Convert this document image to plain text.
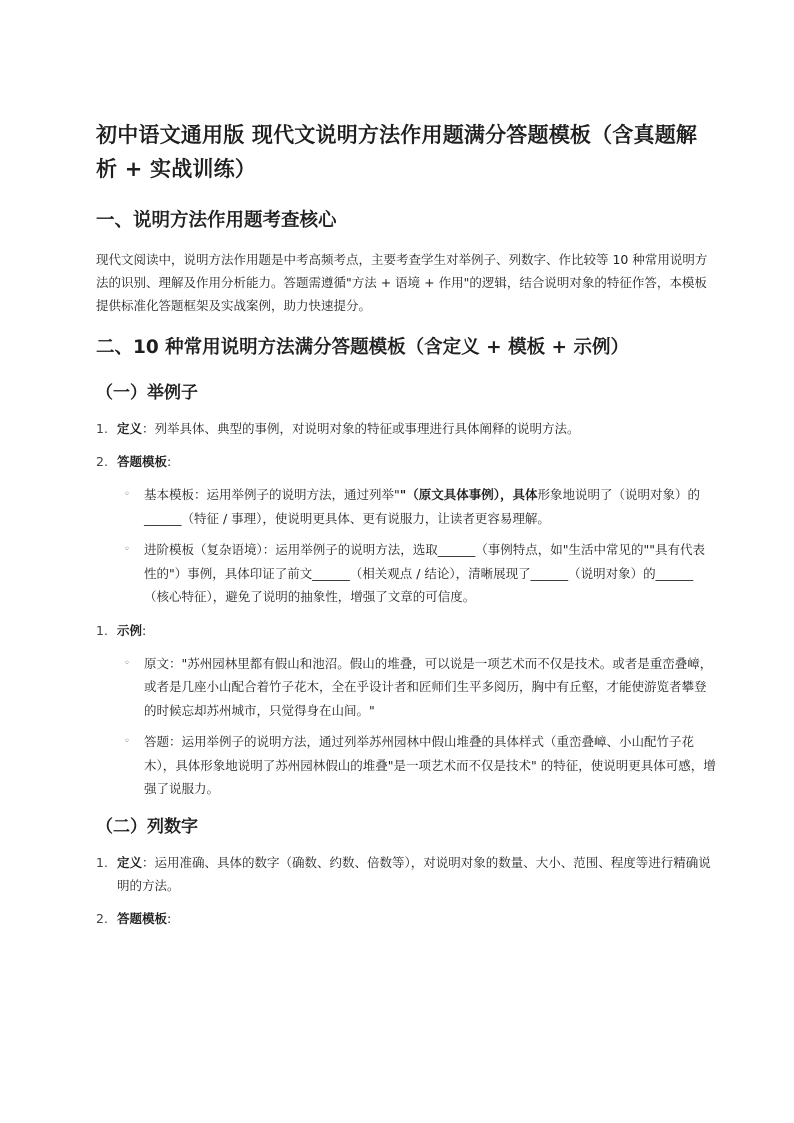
初中语文通用版 现代文说明方法作用题满分答题模板（含真题解析 + 实战训练）
一、说明方法作用题考查核心

现代文阅读中，说明方法作用题是中考高频考点，主要考查学生对举例子、列数字、作比较等 10 种常用说明方法的识别、理解及作用分析能力。答题需遵循"方法 + 语境 + 作用"的逻辑，结合说明对象的特征作答，本模板提供标准化答题框架及实战案例，助力快速提分。

二、10 种常用说明方法满分答题模板（含定义 + 模板 + 示例）
（一）举例子
1. 定义：列举具体、典型的事例，对说明对象的特征或事理进行具体阐释的说明方法。
2. 答题模板:
◦ 基本模板：运用举例子的说明方法，通过列举""（原文具体事例），具体形象地说明了（说明对象）的______（特征 / 事理），使说明更具体、更有说服力，让读者更容易理解。
◦ 进阶模板（复杂语境）：运用举例子的说明方法，选取______（事例特点，如"生活中常见的""具有代表性的"）事例，具体印证了前文______（相关观点 / 结论），清晰展现了______（说明对象）的______（核心特征），避免了说明的抽象性，增强了文章的可信度。
1. 示例:
◦ 原文："苏州园林里都有假山和池沼。假山的堆叠，可以说是一项艺术而不仅是技术。或者是重峦叠嶂，或者是几座小山配合着竹子花木，全在乎设计者和匠师们生平多阅历，胸中有丘壑，才能使游览者攀登的时候忘却苏州城市，只觉得身在山间。"
◦ 答题：运用举例子的说明方法，通过列举苏州园林中假山堆叠的具体样式（重峦叠嶂、小山配竹子花木），具体形象地说明了苏州园林假山的堆叠"是一项艺术而不仅是技术" 的特征，使说明更具体可感，增强了说服力。
（二）列数字
1. 定义：运用准确、具体的数字（确数、约数、倍数等），对说明对象的数量、大小、范围、程度等进行精确说明的方法。
2. 答题模板:
